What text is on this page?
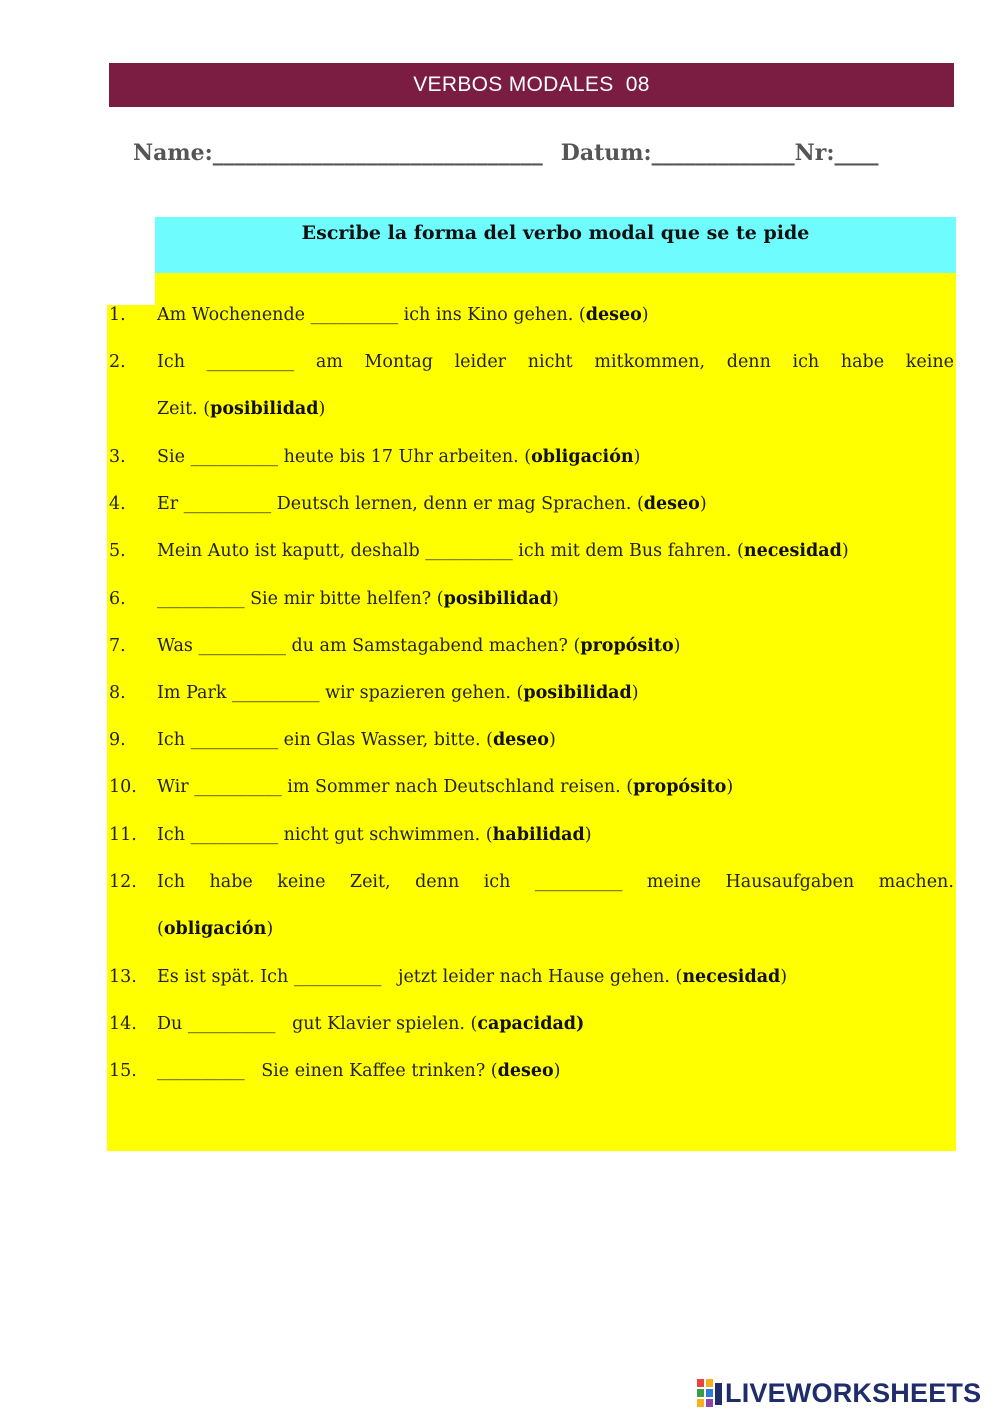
VERBOS MODALES  08
Name: ______________________________ Datum: _____________ Nr: ____
Escribe la forma del verbo modal que se te pide
1. Am Wochenende __________ ich ins Kino gehen. (deseo)
2. Ich __________ am Montag leider nicht mitkommen, denn ich habe keine
Zeit. (posibilidad)
3. Sie __________ heute bis 17 Uhr arbeiten. (obligación)
4. Er __________ Deutsch lernen, denn er mag Sprachen. (deseo)
5. Mein Auto ist kaputt, deshalb __________ ich mit dem Bus fahren. (necesidad)
6. __________ Sie mir bitte helfen? (posibilidad)
7. Was __________ du am Samstagabend machen? (propósito)
8. Im Park __________ wir spazieren gehen. (posibilidad)
9. Ich __________ ein Glas Wasser, bitte. (deseo)
10. Wir __________ im Sommer nach Deutschland reisen. (propósito)
11. Ich __________ nicht gut schwimmen. (habilidad)
12. Ich habe keine Zeit, denn ich __________ meine Hausaufgaben machen.
(obligación)
13. Es ist spät. Ich __________   jetzt leider nach Hause gehen. (necesidad)
14. Du __________   gut Klavier spielen. (capacidad)
15. __________   Sie einen Kaffee trinken? (deseo)
LIVEWORKSHEETS
